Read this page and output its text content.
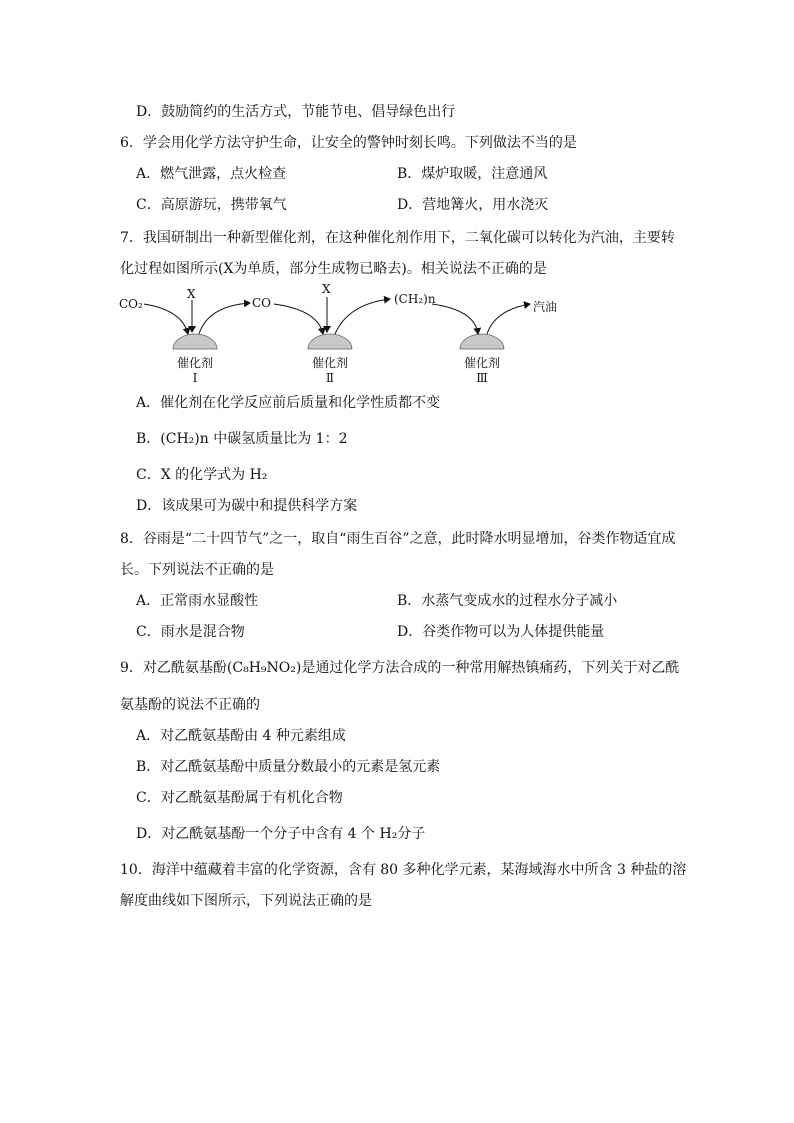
D．鼓励简约的生活方式，节能节电、倡导绿色出行
6．学会用化学方法守护生命，让安全的警钟时刻长鸣。下列做法不当的是
A．燃气泄露，点火检查	B．煤炉取暖，注意通风
C．高原游玩，携带氧气	D．营地篝火，用水浇灭
7．我国研制出一种新型催化剂，在这种催化剂作用下，二氧化碳可以转化为汽油，主要转
化过程如图所示(X为单质，部分生成物已略去)。相关说法不正确的是
CO₂
X
CO
X
(CH₂)n
汽油
催化剂
Ⅰ
催化剂
Ⅱ
催化剂
Ⅲ
A．催化剂在化学反应前后质量和化学性质都不变
B．(CH₂)n 中碳氢质量比为 1：2
C．X 的化学式为 H₂
D．该成果可为碳中和提供科学方案
8．谷雨是“二十四节气”之一，取自“雨生百谷”之意，此时降水明显增加，谷类作物适宜成
长。下列说法不正确的是
A．正常雨水显酸性	B．水蒸气变成水的过程水分子减小
C．雨水是混合物	D．谷类作物可以为人体提供能量
9．对乙酰氨基酚(C₈H₉NO₂)是通过化学方法合成的一种常用解热镇痛药，下列关于对乙酰
氨基酚的说法不正确的
A．对乙酰氨基酚由 4 种元素组成
B．对乙酰氨基酚中质量分数最小的元素是氢元素
C．对乙酰氨基酚属于有机化合物
D．对乙酰氨基酚一个分子中含有 4 个 H₂分子
10．海洋中蕴藏着丰富的化学资源，含有 80 多种化学元素，某海域海水中所含 3 种盐的溶
解度曲线如下图所示，下列说法正确的是
